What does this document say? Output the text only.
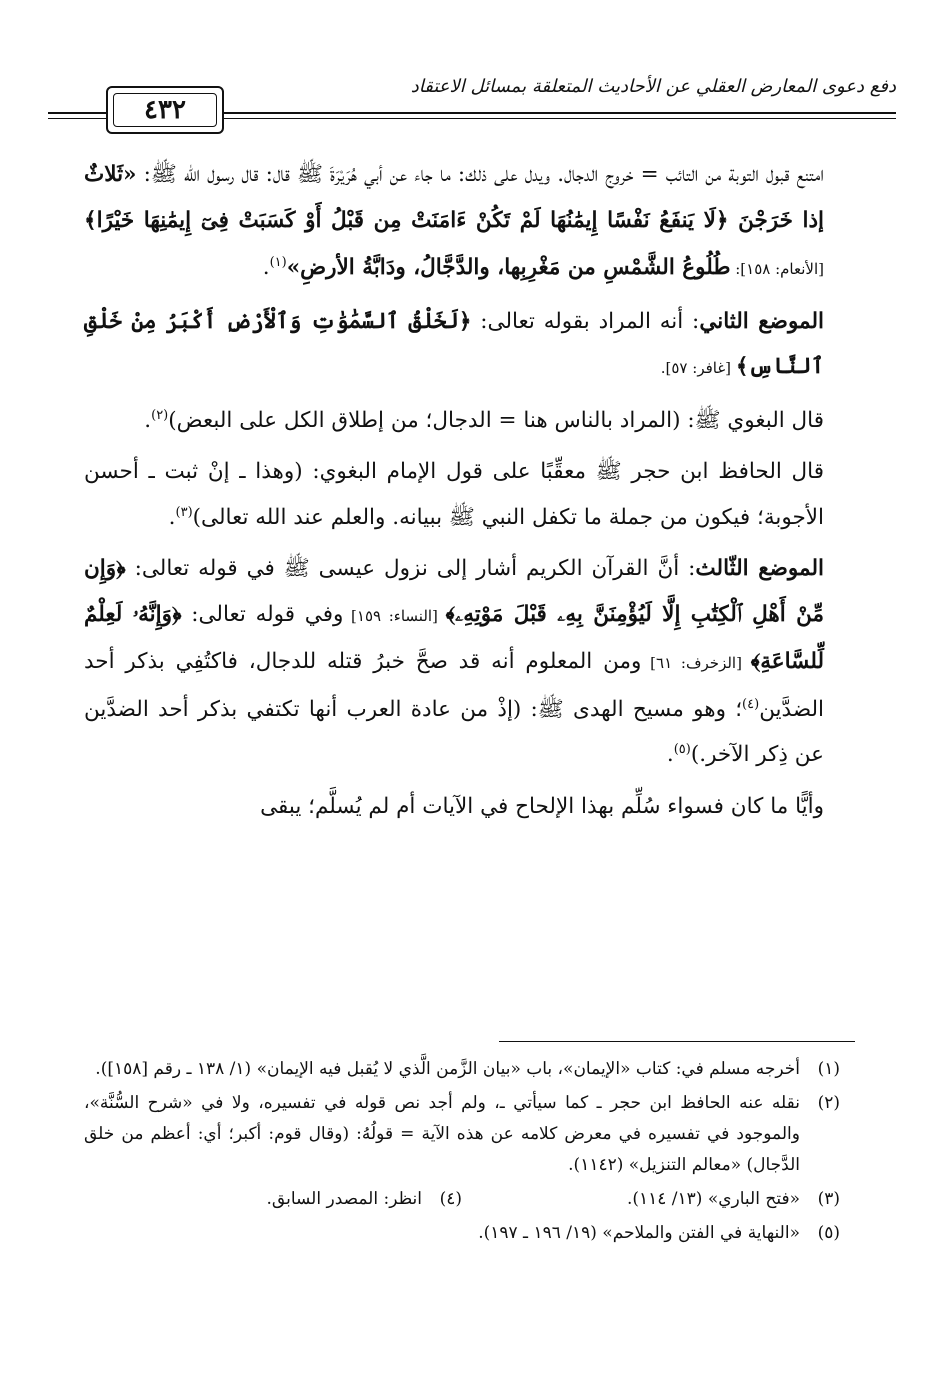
دفع دعوى المعارض العقلي عن الأحاديث المتعلقة بمسائل الاعتقاد
٤٣٢

امتنع قبول التوبة من التائب = خروج الدجال. ويدل على ذلك: ما جاء عن أبي هُرَيْرَةَ ﷺ قال: قال رسول الله ﷺ: «ثَلاثٌ إذا خَرَجْنَ ﴿لَا يَنفَعُ نَفْسًا إِيمَٰنُهَا لَمْ تَكُنْ ءَامَنَتْ مِن قَبْلُ أَوْ كَسَبَتْ فِىٓ إِيمَٰنِهَا خَيْرًا﴾ [الأنعام: ١٥٨]: طُلُوعُ الشَّمْسِ من مَغْرِبِها، والدَّجَّالُ، ودَابَّةُ الأرضِ»$^{(١)}$.

الموضع الثاني: أنه المراد بقوله تعالى: ﴿لَخَلْقُ ٱلسَّمَٰوَٰتِ وَٱلْأَرْضِ أَكْبَرُ مِنْ خَلْقِ ٱلنَّاسِ﴾ [غافر: ٥٧].

قال البغوي ﷺ: (المراد بالناس هنا = الدجال؛ من إطلاق الكل على البعض)$^{(٢)}$.

قال الحافظ ابن حجر ﷺ معقِّبًا على قول الإمام البغوي: (وهذا ـ إنْ ثبت ـ أحسن الأجوبة؛ فيكون من جملة ما تكفل النبي ﷺ ببيانه. والعلم عند الله تعالى)$^{(٣)}$.

الموضع الثّالث: أنَّ القرآن الكريم أشار إلى نزول عيسى ﷺ في قوله تعالى: ﴿وَإِن مِّنْ أَهْلِ ٱلْكِتَٰبِ إِلَّا لَيُؤْمِنَنَّ بِهِۦ قَبْلَ مَوْتِهِۦ﴾ [النساء: ١٥٩] وفي قوله تعالى: ﴿وَإِنَّهُۥ لَعِلْمٌ لِّلسَّاعَةِ﴾ [الزخرف: ٦١] ومن المعلوم أنه قد صحَّ خبرُ قتله للدجال، فاكتُفِي بذكر أحد الضدَّين$^{(٤)}$؛ وهو مسيح الهدى ﷺ: (إذْ من عادة العرب أنها تكتفي بذكر أحد الضدَّين عن ذِكر الآخر.)$^{(٥)}$.

وأيًّا ما كان فسواء سُلِّم بهذا الإلحاح في الآيات أم لم يُسلَّم؛ يبقى

(١)
أخرجه مسلم في: كتاب «الإيمان»، باب «بيان الزَّمن الَّذي لا يُقبل فيه الإيمان» (١/ ١٣٨ ـ رقم [١٥٨]).
(٢)
نقله عنه الحافظ ابن حجر ـ كما سيأتي ـ، ولم أجد نص قوله في تفسيره، ولا في «شرح السُّنَّة»، والموجود في تفسيره في معرض كلامه عن هذه الآية = قولُهُ: (وقال قوم: أكبر؛ أي: أعظم من خلق الدَّجال) «معالم التنزيل» (١١٤٢).
(٣)
«فتح الباري» (١٣/ ١١٤).
(٤)
انظر: المصدر السابق.
(٥)
«النهاية في الفتن والملاحم» (١٩/ ١٩٦ ـ ١٩٧).
